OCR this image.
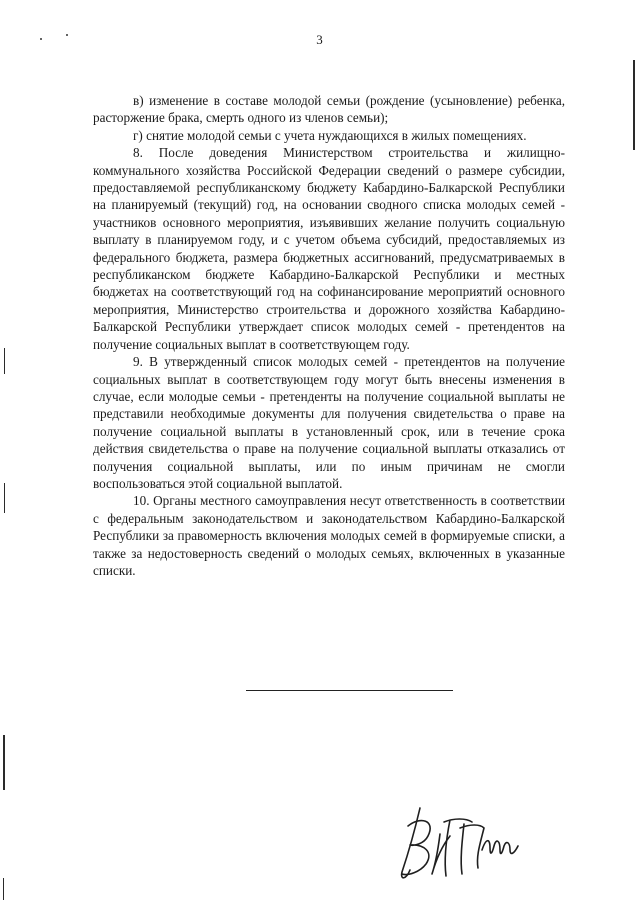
3

в) изменение в составе молодой семьи (рождение (усыновление) ребенка, расторжение брака, смерть одного из членов семьи);

г) снятие молодой семьи с учета нуждающихся в жилых помещениях.

8. После доведения Министерством строительства и жилищно-коммунального хозяйства Российской Федерации сведений о размере субсидии, предоставляемой республиканскому бюджету Кабардино-Балкарской Республики на планируемый (текущий) год, на основании сводного списка молодых семей - участников основного мероприятия, изъявивших желание получить социальную выплату в планируемом году, и с учетом объема субсидий, предоставляемых из федерального бюджета, размера бюджетных ассигнований, предусматриваемых в республиканском бюджете Кабардино-Балкарской Республики и местных бюджетах на соответствующий год на софинансирование мероприятий основного мероприятия, Министерство строительства и дорожного хозяйства Кабардино-Балкарской Республики утверждает список молодых семей - претендентов на получение социальных выплат в соответствующем году.

9. В утвержденный список молодых семей - претендентов на получение социальных выплат в соответствующем году могут быть внесены изменения в случае, если молодые семьи - претенденты на получение социальной выплаты не представили необходимые документы для получения свидетельства о праве на получение социальной выплаты в установленный срок, или в течение срока действия свидетельства о праве на получение социальной выплаты отказались от получения социальной выплаты, или по иным причинам не смогли воспользоваться этой социальной выплатой.

10. Органы местного самоуправления несут ответственность в соответствии с федеральным законодательством и законодательством Кабардино-Балкарской Республики за правомерность включения молодых семей в формируемые списки, а также за недостоверность сведений о молодых семьях, включенных в указанные списки.
